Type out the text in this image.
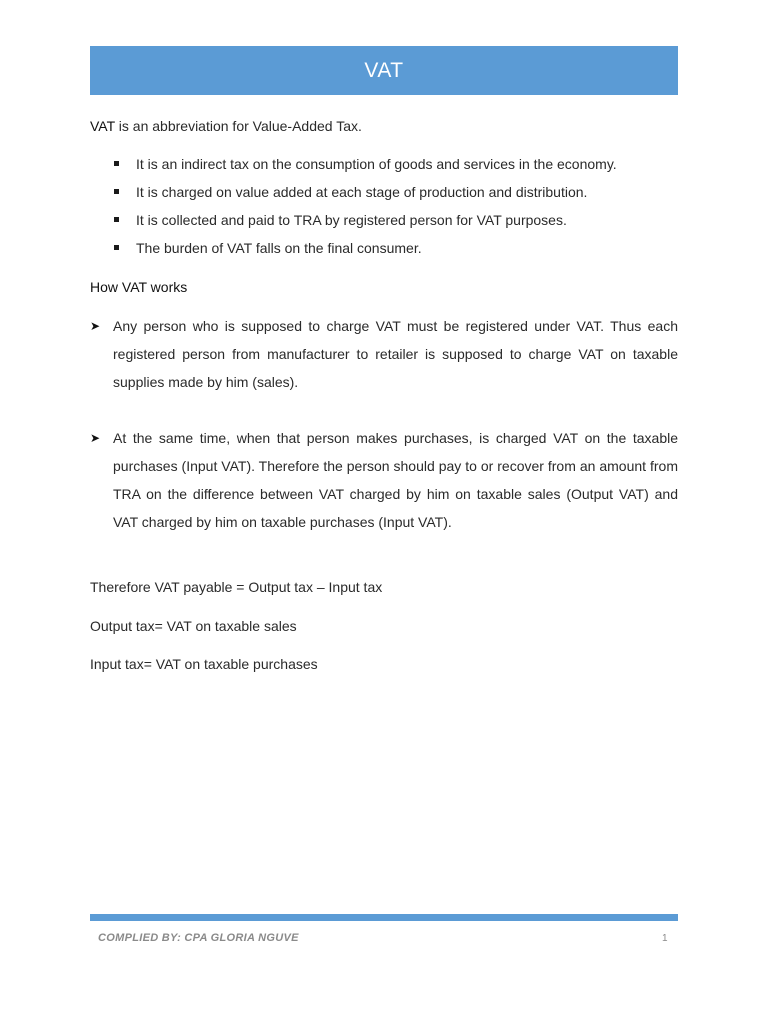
VAT

VAT is an abbreviation for Value-Added Tax.

It is an indirect tax on the consumption of goods and services in the economy.
It is charged on value added at each stage of production and distribution.
It is collected and paid to TRA by registered person for VAT purposes.
The burden of VAT falls on the final consumer.

How VAT works

➤ Any person who is supposed to charge VAT must be registered under VAT. Thus each registered person from manufacturer to retailer is supposed to charge VAT on taxable supplies made by him (sales).
➤ At the same time, when that person makes purchases, is charged VAT on the taxable purchases (Input VAT). Therefore the person should pay to or recover from an amount from TRA on the difference between VAT charged by him on taxable sales (Output VAT) and VAT charged by him on taxable purchases (Input VAT).

Therefore VAT payable = Output tax – Input tax

Output tax= VAT on taxable sales

Input tax= VAT on taxable purchases

COMPLIED BY: CPA GLORIA NGUVE	1
